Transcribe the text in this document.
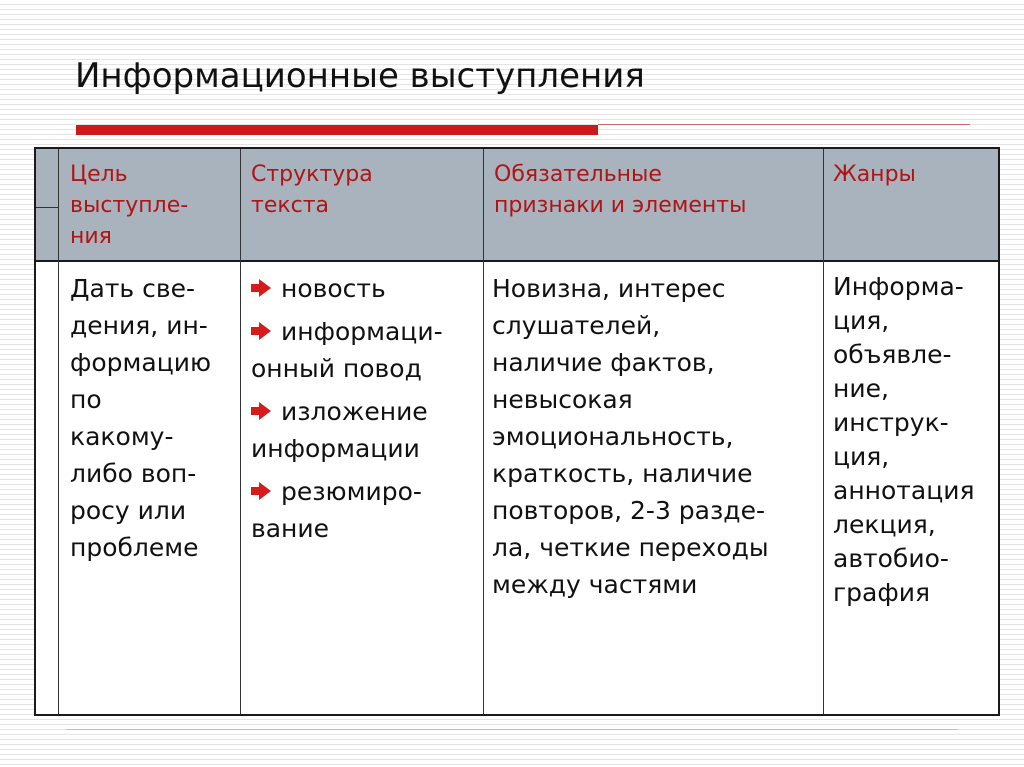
Информационные выступления
Цель
выступле-
ния
Структура
текста
Обязательные
признаки и элементы
Жанры
Дать све-
дения, ин-
формацию
по
какому-
либо воп-
росу или
проблеме
новость
информаци-
онный повод
изложение
информации
резюмиро-
вание
Новизна, интерес
слушателей,
наличие фактов,
невысокая
эмоциональность,
краткость, наличие
повторов, 2-3 разде-
ла, четкие переходы
между частями
Информа-
ция,
объявле-
ние,
инструк-
ция,
аннотация
лекция,
автобио-
графия
